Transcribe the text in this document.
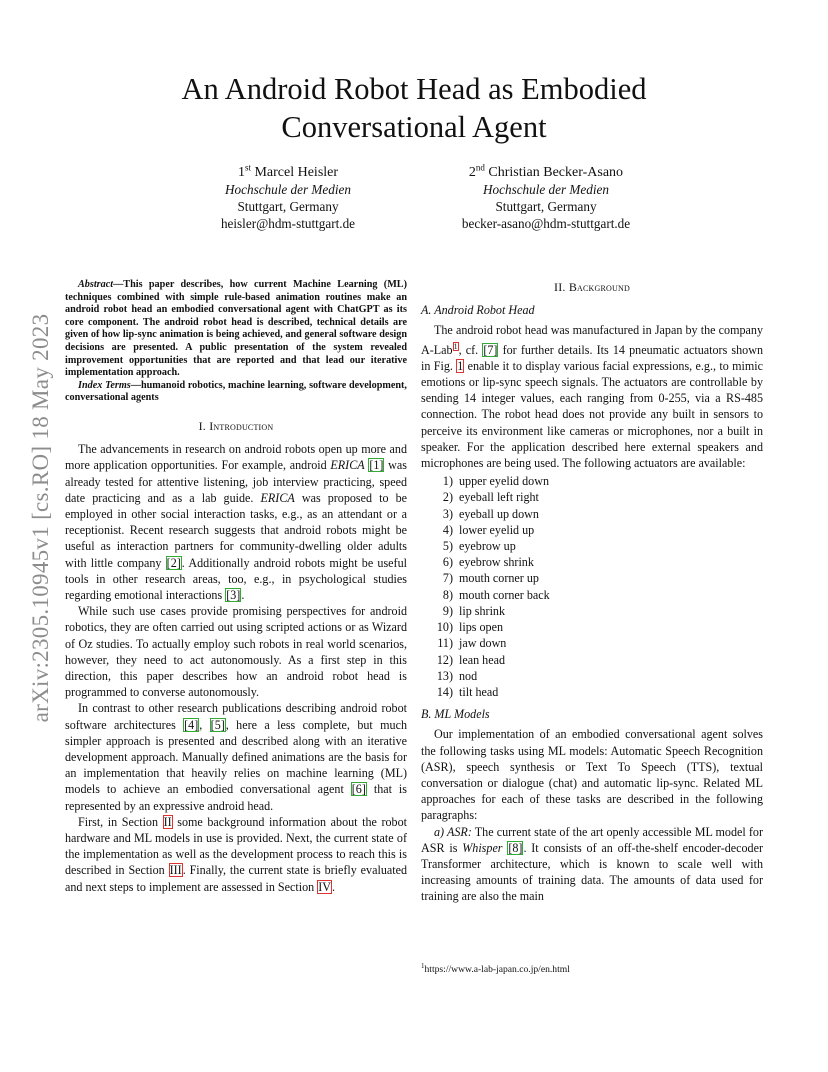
An Android Robot Head as Embodied
Conversational Agent
1st Marcel Heisler
Hochschule der Medien
Stuttgart, Germany
heisler@hdm-stuttgart.de
2nd Christian Becker-Asano
Hochschule der Medien
Stuttgart, Germany
becker-asano@hdm-stuttgart.de
arXiv:2305.10945v1 [cs.RO] 18 May 2023

Abstract—This paper describes, how current Machine Learning (ML) techniques combined with simple rule-based animation routines make an android robot head an embodied conversational agent with ChatGPT as its core component. The android robot head is described, technical details are given of how lip-sync animation is being achieved, and general software design decisions are presented. A public presentation of the system revealed improvement opportunities that are reported and that lead our iterative implementation approach.

Index Terms—humanoid robotics, machine learning, software development, conversational agents

I. Introduction

The advancements in research on android robots open up more and more application opportunities. For example, android ERICA [1] was already tested for attentive listening, job interview practicing, speed date practicing and as a lab guide. ERICA was proposed to be employed in other social interaction tasks, e.g., as an attendant or a receptionist. Recent research suggests that android robots might be useful as interaction partners for community-dwelling older adults with little company [2]. Additionally android robots might be useful tools in other research areas, too, e.g., in psychological studies regarding emotional interactions [3].

While such use cases provide promising perspectives for android robotics, they are often carried out using scripted actions or as Wizard of Oz studies. To actually employ such robots in real world scenarios, however, they need to act autonomously. As a first step in this direction, this paper describes how an android robot head is programmed to converse autonomously.

In contrast to other research publications describing android robot software architectures [4], [5], here a less complete, but much simpler approach is presented and described along with an iterative development approach. Manually defined animations are the basis for an implementation that heavily relies on machine learning (ML) models to achieve an embodied conversational agent [6] that is represented by an expressive android head.

First, in Section II some background information about the robot hardware and ML models in use is provided. Next, the current state of the implementation as well as the development process to reach this is described in Section III. Finally, the current state is briefly evaluated and next steps to implement are assessed in Section IV.

II. Background
A. Android Robot Head

The android robot head was manufactured in Japan by the company A-Lab$^1$, cf. [7] for further details. Its 14 pneumatic actuators shown in Fig. 1 enable it to display various facial expressions, e.g., to mimic emotions or lip-sync speech signals. The actuators are controllable by sending 14 integer values, each ranging from 0-255, via a RS-485 connection. The robot head does not provide any built in sensors to perceive its environment like cameras or microphones, nor a built in speaker. For the application described here external speakers and microphones are being used. The following actuators are available:

1) upper eyelid down
2) eyeball left right
3) eyeball up down
4) lower eyelid up
5) eyebrow up
6) eyebrow shrink
7) mouth corner up
8) mouth corner back
9) lip shrink
10) lips open
11) jaw down
12) lean head
13) nod
14) tilt head
B. ML Models

Our implementation of an embodied conversational agent solves the following tasks using ML models: Automatic Speech Recognition (ASR), speech synthesis or Text To Speech (TTS), textual conversation or dialogue (chat) and automatic lip-sync. Related ML approaches for each of these tasks are described in the following paragraphs:

a) ASR: The current state of the art openly accessible ML model for ASR is Whisper [8]. It consists of an off-the-shelf encoder-decoder Transformer architecture, which is known to scale well with increasing amounts of training data. The amounts of data used for training are also the main

$^1$https://www.a-lab-japan.co.jp/en.html
